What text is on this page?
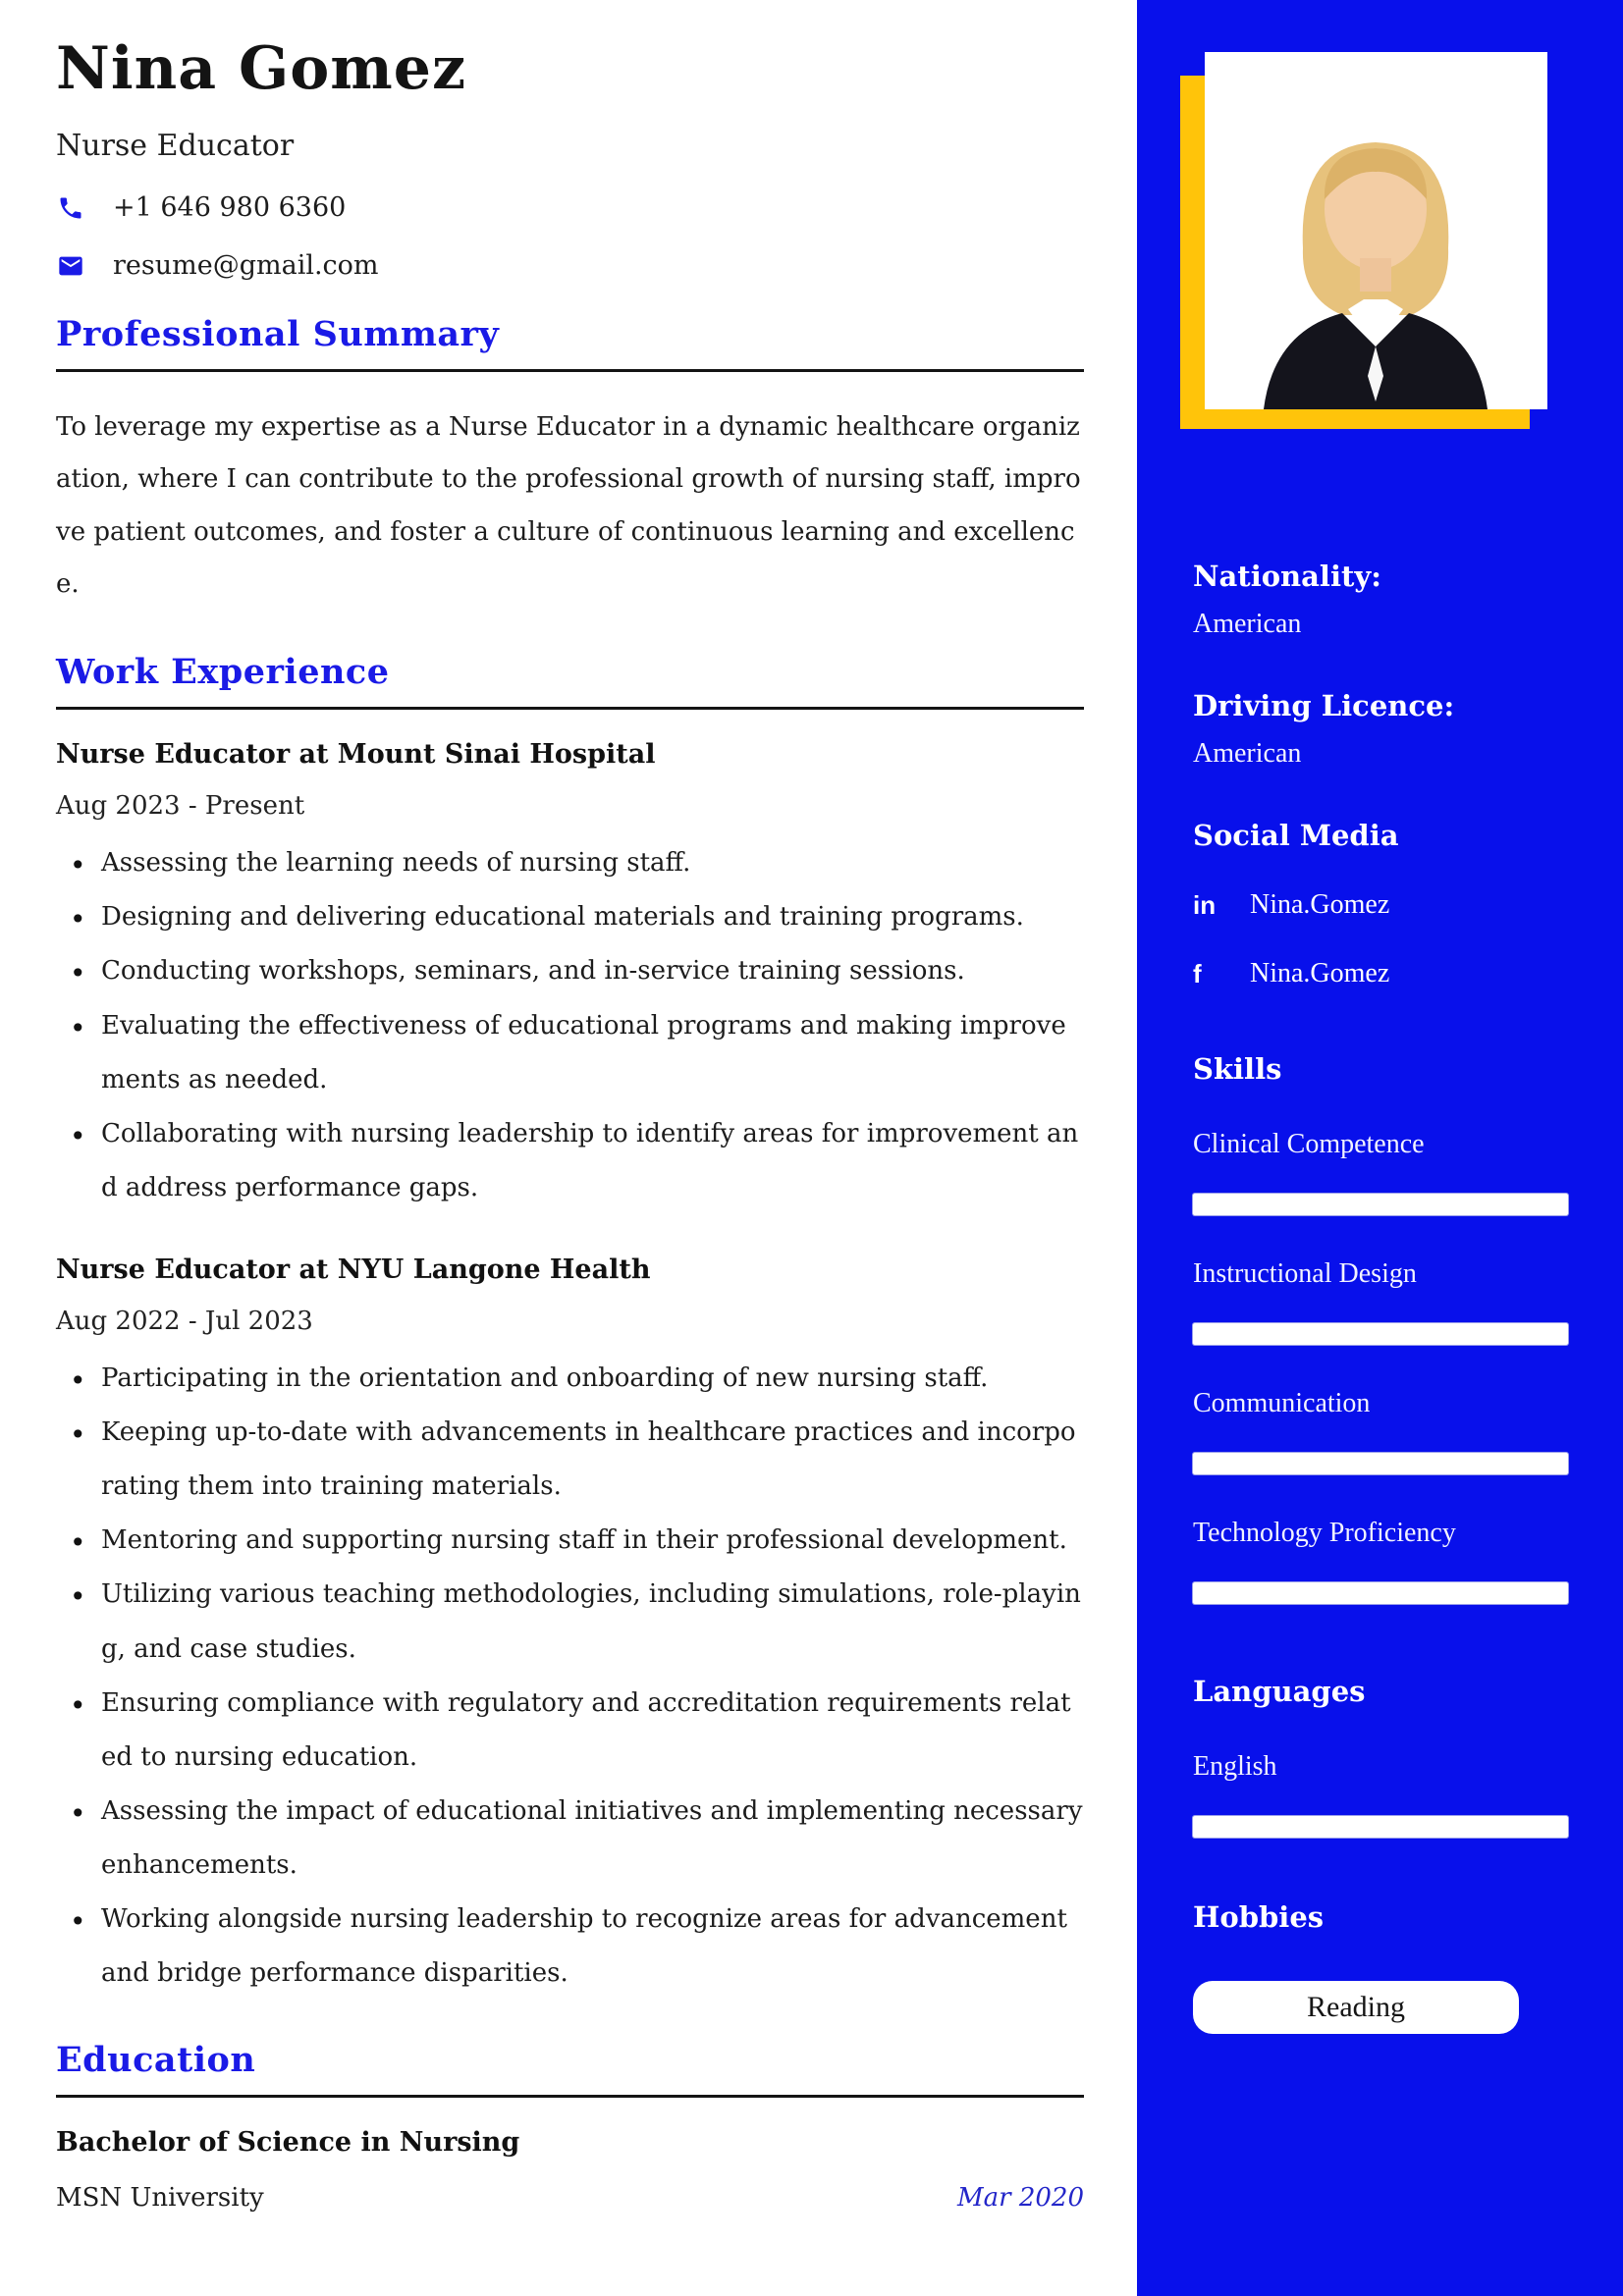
Nina Gomez
Nurse Educator
+1 646 980 6360
resume@gmail.com
Professional Summary

To leverage my expertise as a Nurse Educator in a dynamic healthcare organization, where I can contribute to the professional growth of nursing staff, improve patient outcomes, and foster a culture of continuous learning and excellence.

Work Experience
Nurse Educator at Mount Sinai Hospital
Aug 2023 - Present
• Assessing the learning needs of nursing staff.
• Designing and delivering educational materials and training programs.
• Conducting workshops, seminars, and in-service training sessions.
• Evaluating the effectiveness of educational programs and making improvements as needed.
• Collaborating with nursing leadership to identify areas for improvement and address performance gaps.
Nurse Educator at NYU Langone Health
Aug 2022 - Jul 2023
• Participating in the orientation and onboarding of new nursing staff.
• Keeping up-to-date with advancements in healthcare practices and incorporating them into training materials.
• Mentoring and supporting nursing staff in their professional development.
• Utilizing various teaching methodologies, including simulations, role-playing, and case studies.
• Ensuring compliance with regulatory and accreditation requirements related to nursing education.
• Assessing the impact of educational initiatives and implementing necessary enhancements.
• Working alongside nursing leadership to recognize areas for advancement and bridge performance disparities.
Education
Bachelor of Science in Nursing
MSN University	Mar 2020
Nationality:
American
Driving Licence:
American
Social Media
in	Nina.Gomez
f	Nina.Gomez
Skills
Clinical Competence
Instructional Design
Communication
Technology Proficiency
Languages
English
Hobbies
Reading
